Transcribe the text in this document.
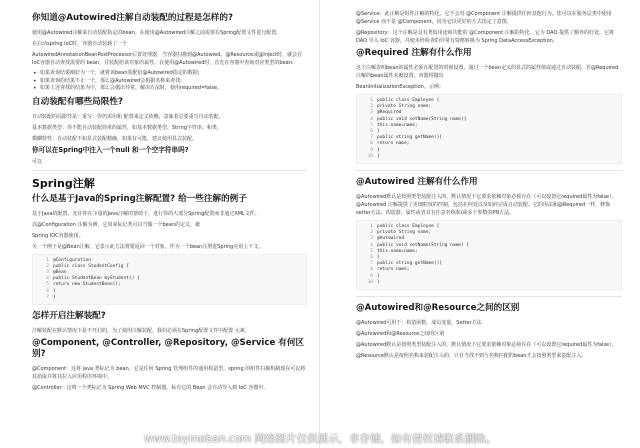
你知道@Autowired注解自动装配的过程是怎样的?

使用@Autowired注解来自动装配指定的bean。在使用@Autowired注解之前需要在Spring配置文件进行配置。

在启动spring IoC时，容器自动装载了一个

AutowiredAnnotationBeanPostProcessor后置处理器，当容器扫描到@Autowied、@Resource或@Inject时，就会在IoC容器自动查找需要的 bean，并装配给该对象的属性。在使用@Autowired时，首先在容器中查询对应类型的bean:

• 如果查询结果刚好为一个，就将该bean装配给@Autowired指定的数据;
• 如果查询的结果不止一个，那么@Autowired会根据名称来查找;
• 如果上述查找的结果为空，那么会抛出异常。解决方法时，使用required=false。
自动装配有哪些局限性?

自动装配的局限性是：重写：你仍需用和 配置来定义依赖，意味着总要重写自动装配。

基本数据类型：你不能自动装配简单的属性，如基本数据类型、String字符串、和类。

模糊特性：自动装配不如显式装配精确，如果有可能，建议使用显式装配。

你可以在Spring中注入一个null 和一个空字符串吗?

可以

Spring注解
什么是基于Java的Spring注解配置? 给一些注解的例子

基于Java的配置，允许你在少量的Java注解的帮助下，进行你的大部分Spring配置而非通过XML文件。

以@Configuration 注解为例，它用来标记类可以当做一个bean的定义，被

Spring IOC容器使用。

另一个例子是@Bean注解，它表示此方法将要返回一个对象，作为一个bean注册进Spring应用上下文。

1 @Configuration
2 public class StudentConfig {
3 @Bean
4 public StudentBean myStudent() {
5 return new StudentBean();
6 }
7 }
怎样开启注解装配?

注解装配在默认情况下是不开启的，为了使用注解装配，我们必须在Spring配置文件中配置 元素。

@Component, @Controller, @Repository, @Service 有何区别?

@Component：这将 java 类标记为 bean。它是任何 Spring 管理组件的通用构造型。spring 的组件扫描机制现在可以将其拾取并将其拉入应用程序环境中。

@Controller：这将一个类标记为 Spring Web MVC 控制器。标有它的 Bean 会自动导入到 IoC 容器中。

@Service：此注解是组件注解的特化。它不会对 @Component 注解提供任何其他行为。您可以在服务层类中使用 @Service 而不是 @Component，因为它以更好的方式指定了意图。

@Repository：这个注解是具有类似用途和功能的 @Component 注解的特化。它为 DAO 提供了额外的好处。它将 DAO 导入 IoC 容器，并使未经检查的异常有资格转换为 Spring DataAccessException。

@Required 注解有什么作用

这个注解表明bean的属性必须在配置的时候设置，通过一个bean定义的显式的属性值或通过自动装配，若@Required注解的bean属性未被设置，容器将抛出

BeanInitializationException。示例：

1 public class Employee {
2 private String name;
3 @Required
4 public void setName(String name){
5 this.name=name;
6 }
7 public string getName(){
8 return name;
9 }
10 }
@Autowired 注解有什么作用

@Autowired默认是按照类型装配注入的，默认情况下它要求依赖对象必须存在（可以设置它required属性为false）。@Autowired 注解提供了更细粒度的控制，包括在何处以及如何完成自动装配。它的用法和@Required一样，修饰 setter方法、构造器、属性或者具有任意名称和/或多个参数的PN方法。

1 public class Employee {
2 private String name;
3 @Autowired
4 public void setName(String name) {
5 this.name=name;
6 }
7 public string getName(){
8 return name;
9 }
10 }
@Autowired和@Resource之间的区别

@Autowired可用于：构造函数、成员变量、Setter方法

@Autowired和@Resource之间的区别

@Autowired默认是按照类型装配注入的，默认情况下它要求依赖对象必须存在（可以设置它required属性为false）。

@Resource默认是按照名称来装配注入的，只有当找不到与名称匹配的bean才会按照类型来装配注入。

www.toymoban.com 网络图片仅供展示，非存储，如有侵权请联系删除。
